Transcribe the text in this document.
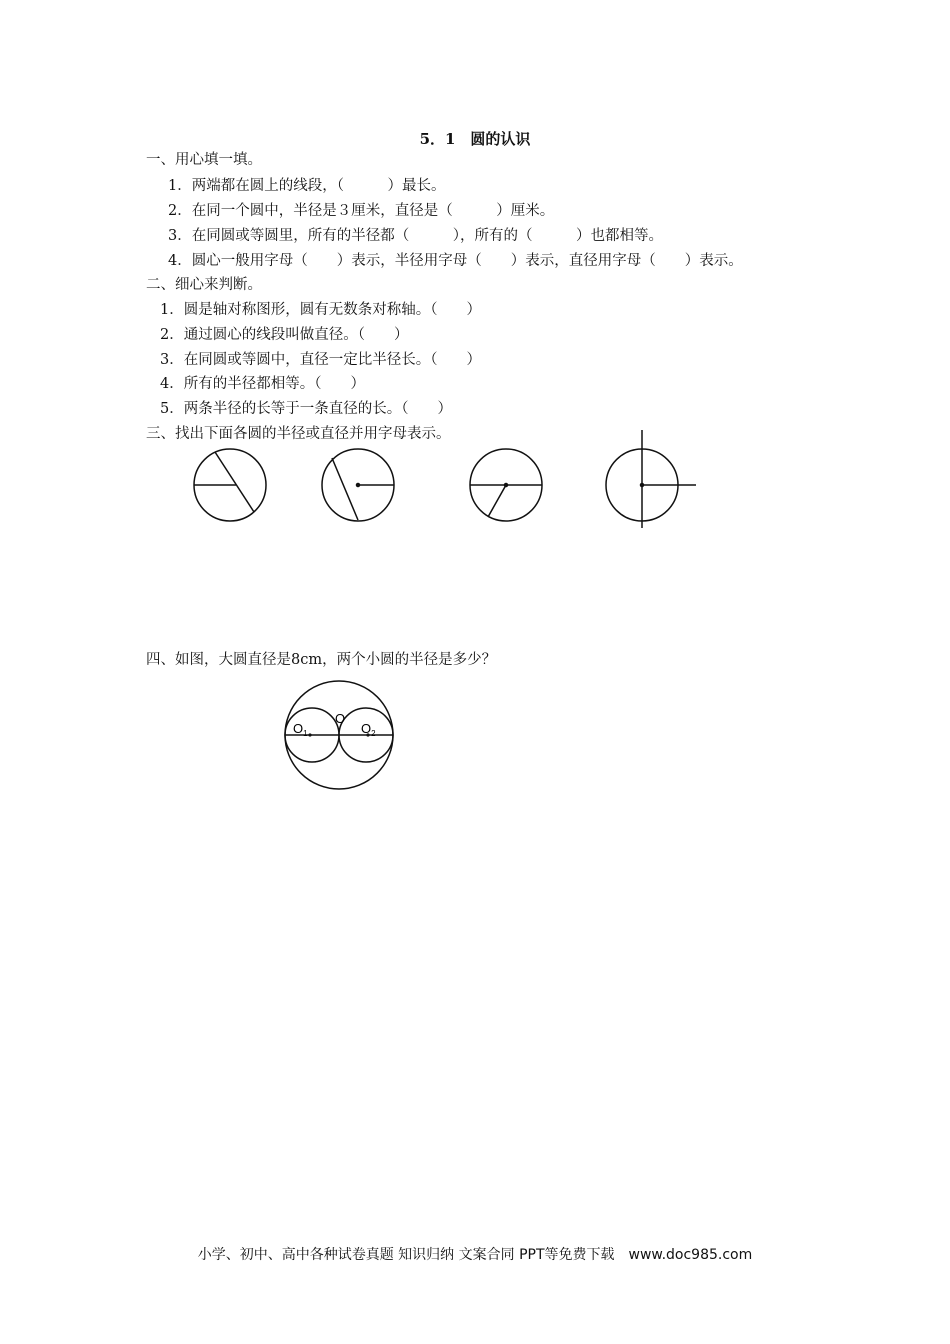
5．1　圆的认识
一、用心填一填。
1．两端都在圆上的线段，（　　　）最长。
2．在同一个圆中，半径是３厘米，直径是（　　　）厘米。
3．在同圆或等圆里，所有的半径都（　　　），所有的（　　　）也都相等。
4．圆心一般用字母（　　）表示，半径用字母（　　）表示，直径用字母（　　）表示。
二、细心来判断。
1．圆是轴对称图形，圆有无数条对称轴。（　　）
2．通过圆心的线段叫做直径。（　　）
3．在同圆或等圆中，直径一定比半径长。（　　）
4．所有的半径都相等。（　　）
5．两条半径的长等于一条直径的长。（　　）
三、找出下面各圆的半径或直径并用字母表示。
四、如图，大圆直径是8cm，两个小圆的半径是多少？
$O_1$
O
$O_2$
小学、初中、高中各种试卷真题 知识归纳 文案合同 PPT等免费下载　www.doc985.com
